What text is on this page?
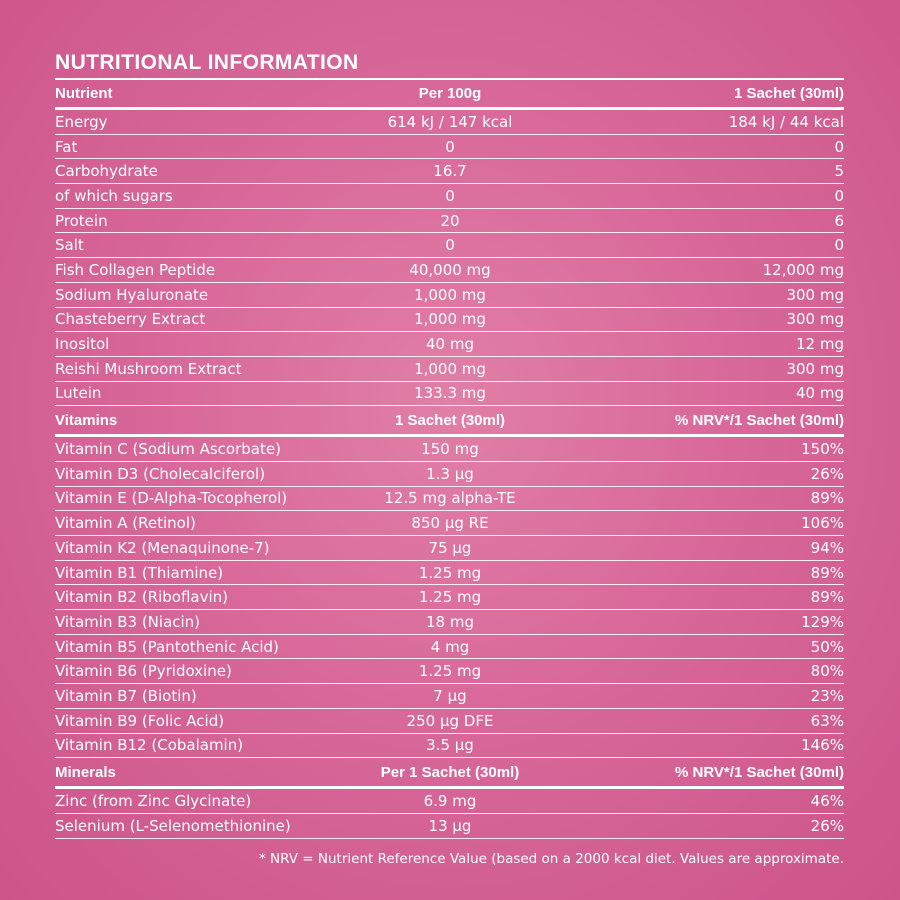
NUTRITIONAL INFORMATION
Nutrient	Per 100g	1 Sachet (30ml)
Energy	614 kJ / 147 kcal	184 kJ / 44 kcal
Fat	0	0
Carbohydrate	16.7	5
of which sugars	0	0
Protein	20	6
Salt	0	0
Fish Collagen Peptide	40,000 mg	12,000 mg
Sodium Hyaluronate	1,000 mg	300 mg
Chasteberry Extract	1,000 mg	300 mg
Inositol	40 mg	12 mg
Reishi Mushroom Extract	1,000 mg	300 mg
Lutein	133.3 mg	40 mg
Vitamins	1 Sachet (30ml)	% NRV*/1 Sachet (30ml)
Vitamin C (Sodium Ascorbate)	150 mg	150%
Vitamin D3 (Cholecalciferol)	1.3 µg	26%
Vitamin E (D-Alpha-Tocopherol)	12.5 mg alpha-TE	89%
Vitamin A (Retinol)	850 µg RE	106%
Vitamin K2 (Menaquinone-7)	75 µg	94%
Vitamin B1 (Thiamine)	1.25 mg	89%
Vitamin B2 (Riboflavin)	1.25 mg	89%
Vitamin B3 (Niacin)	18 mg	129%
Vitamin B5 (Pantothenic Acid)	4 mg	50%
Vitamin B6 (Pyridoxine)	1.25 mg	80%
Vitamin B7 (Biotin)	7 µg	23%
Vitamin B9 (Folic Acid)	250 µg DFE	63%
Vitamin B12 (Cobalamin)	3.5 µg	146%
Minerals	Per 1 Sachet (30ml)	% NRV*/1 Sachet (30ml)
Zinc (from Zinc Glycinate)	6.9 mg	46%
Selenium (L-Selenomethionine)	13 µg	26%
* NRV = Nutrient Reference Value (based on a 2000 kcal diet. Values are approximate.
